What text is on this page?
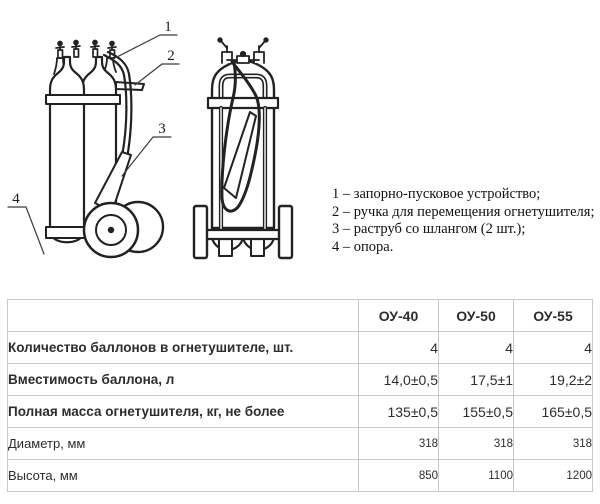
1
2
3
4	1 – запорно-пусковое устройство;
2 – ручка для перемещения огнетушителя;
3 – раструб со шлангом (2 шт.);
4 – опора.
	ОУ-40	ОУ-50	ОУ-55
Количество баллонов в огнетушителе, шт.	4	4	4
Вместимость баллона, л	14,0±0,5	17,5±1	19,2±2
Полная масса огнетушителя, кг, не более	135±0,5	155±0,5	165±0,5
Диаметр, мм	318	318	318
Высота, мм	850	1100	1200
